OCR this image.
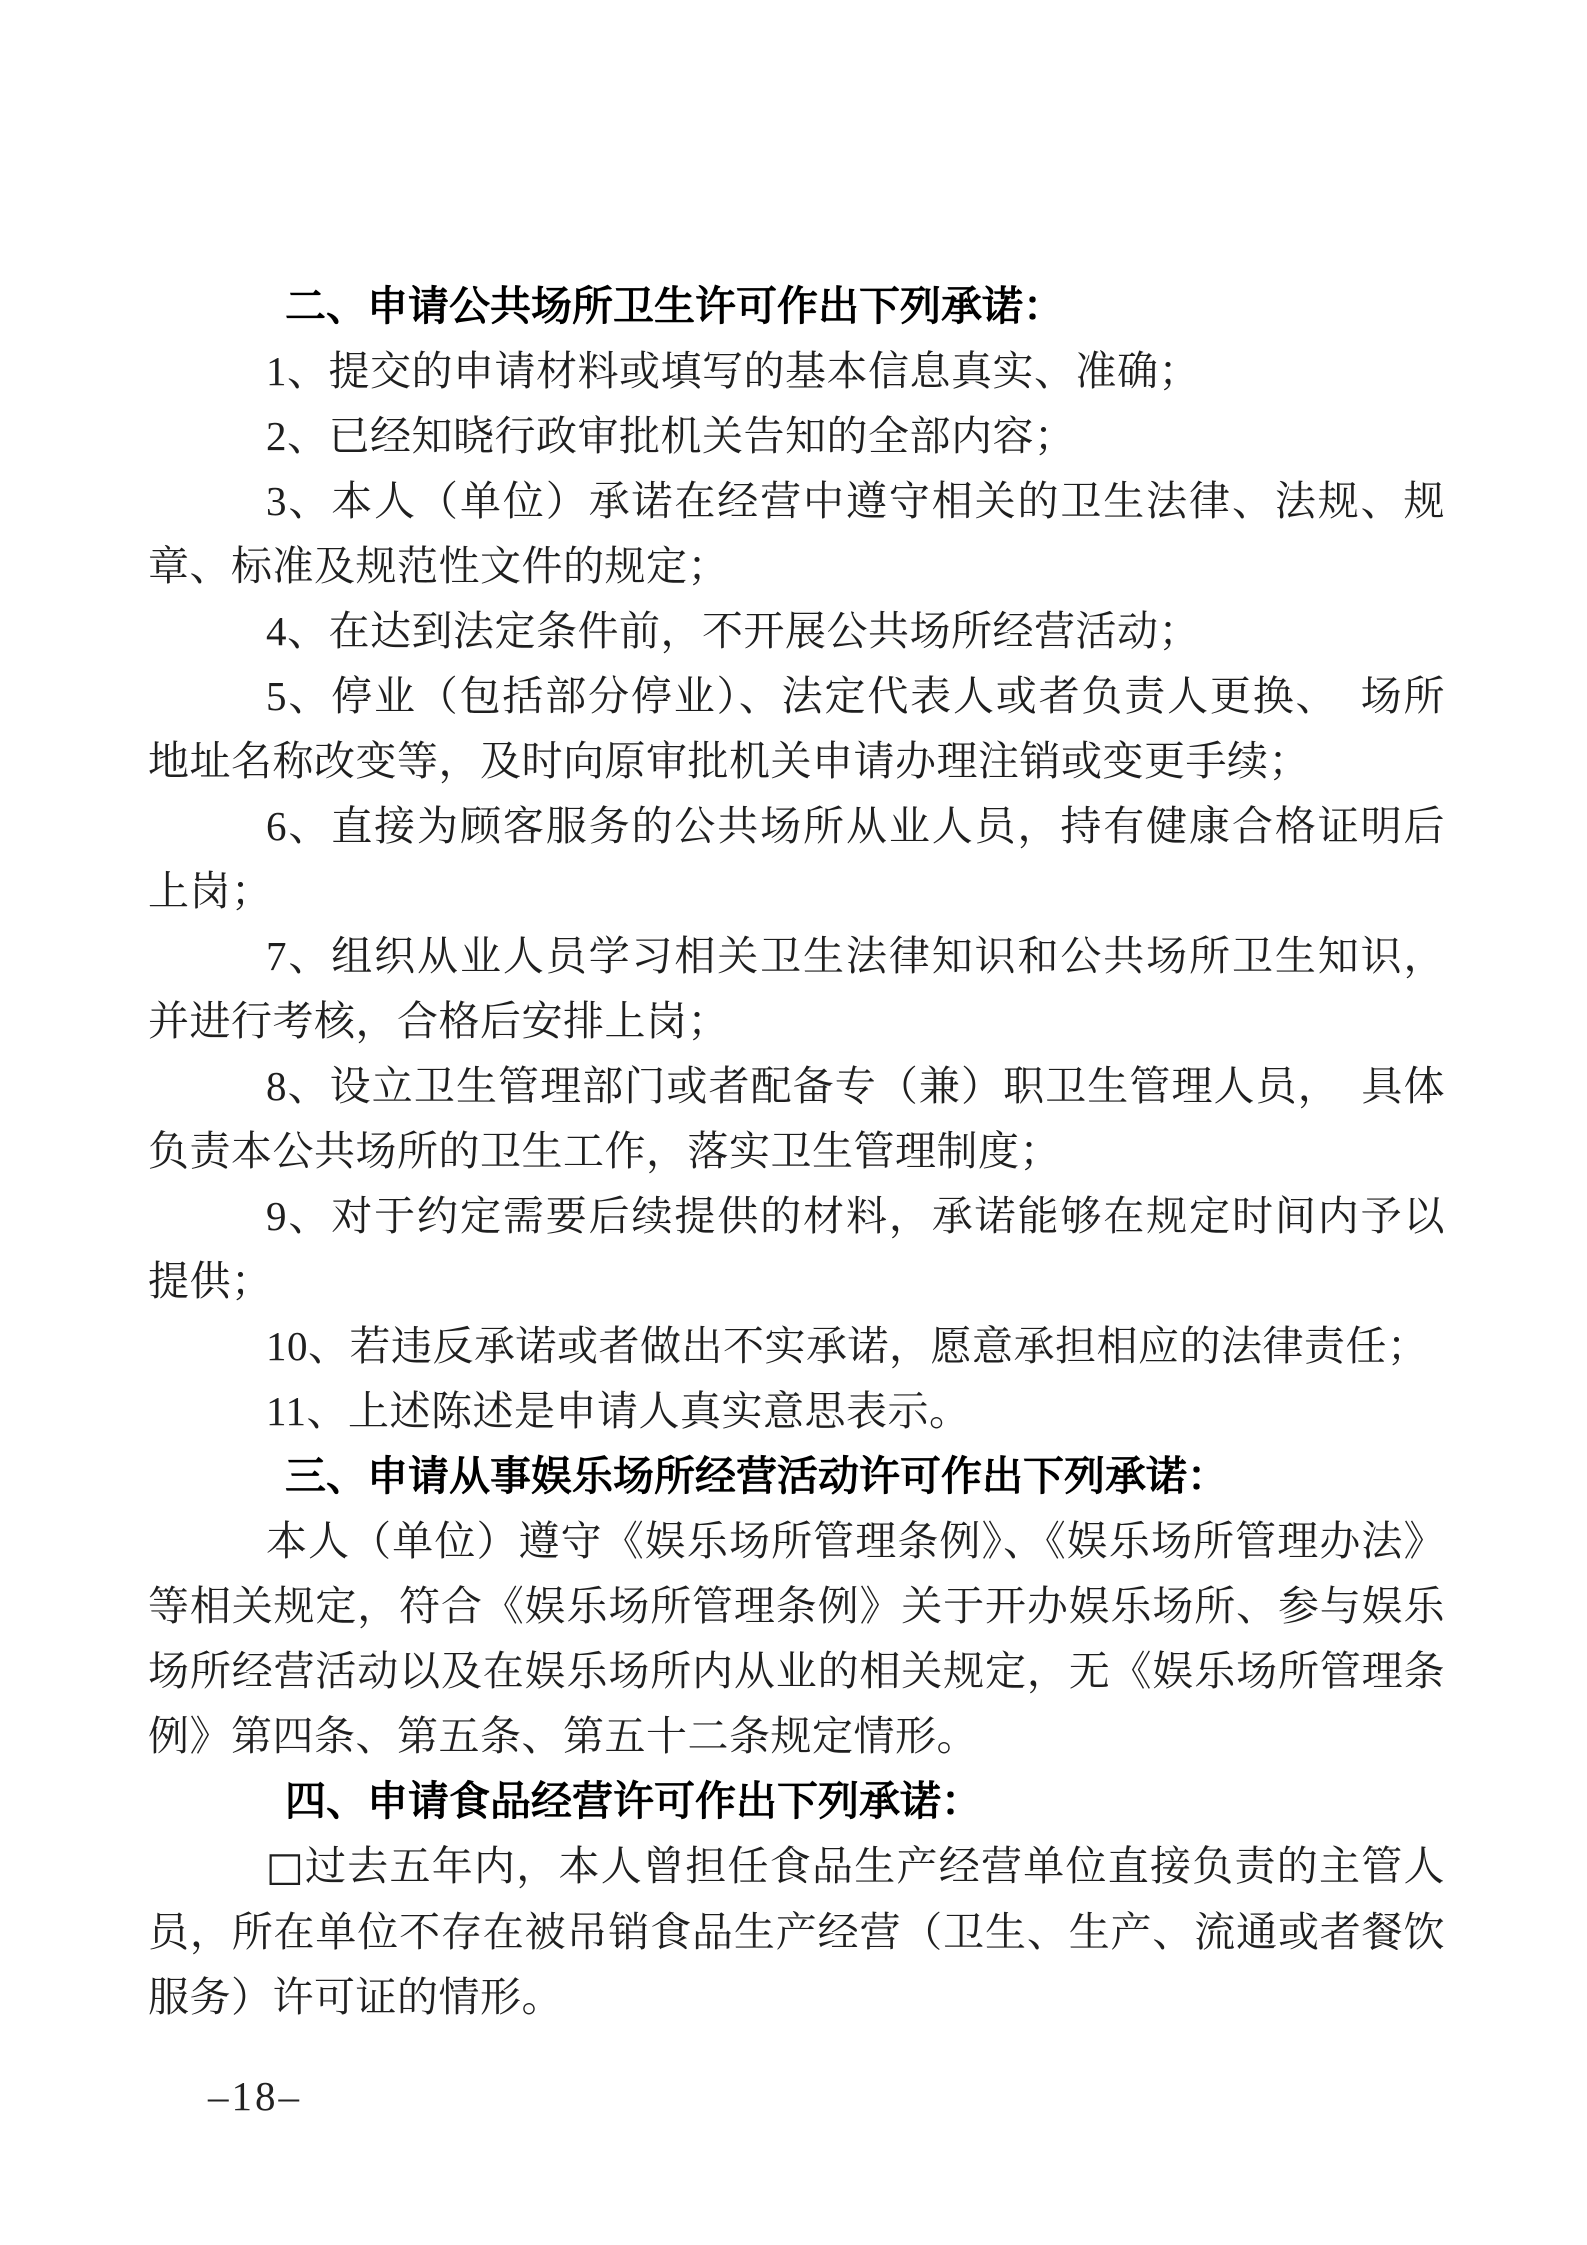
二、申请公共场所卫生许可作出下列承诺：

1、提交的申请材料或填写的基本信息真实、准确；

2、已经知晓行政审批机关告知的全部内容；

3、本人（单位）承诺在经营中遵守相关的卫生法律、法规、规章、标准及规范性文件的规定；

4、在达到法定条件前，不开展公共场所经营活动；

5、停业（包括部分停业）、法定代表人或者负责人更换、　场所地址名称改变等，及时向原审批机关申请办理注销或变更手续；

6、直接为顾客服务的公共场所从业人员，持有健康合格证明后上岗；

7、组织从业人员学习相关卫生法律知识和公共场所卫生知识，并进行考核，合格后安排上岗；

8、设立卫生管理部门或者配备专（兼）职卫生管理人员，　具体负责本公共场所的卫生工作，落实卫生管理制度；

9、对于约定需要后续提供的材料，承诺能够在规定时间内予以提供；

10、若违反承诺或者做出不实承诺，愿意承担相应的法律责任；

11、上述陈述是申请人真实意思表示。

三、申请从事娱乐场所经营活动许可作出下列承诺：

本人（单位）遵守《娱乐场所管理条例》、《娱乐场所管理办法》等相关规定，符合《娱乐场所管理条例》关于开办娱乐场所、参与娱乐场所经营活动以及在娱乐场所内从业的相关规定，无《娱乐场所管理条例》第四条、第五条、第五十二条规定情形。

四、申请食品经营许可作出下列承诺：

□过去五年内，本人曾担任食品生产经营单位直接负责的主管人员，所在单位不存在被吊销食品生产经营（卫生、生产、流通或者餐饮服务）许可证的情形。

–18–
